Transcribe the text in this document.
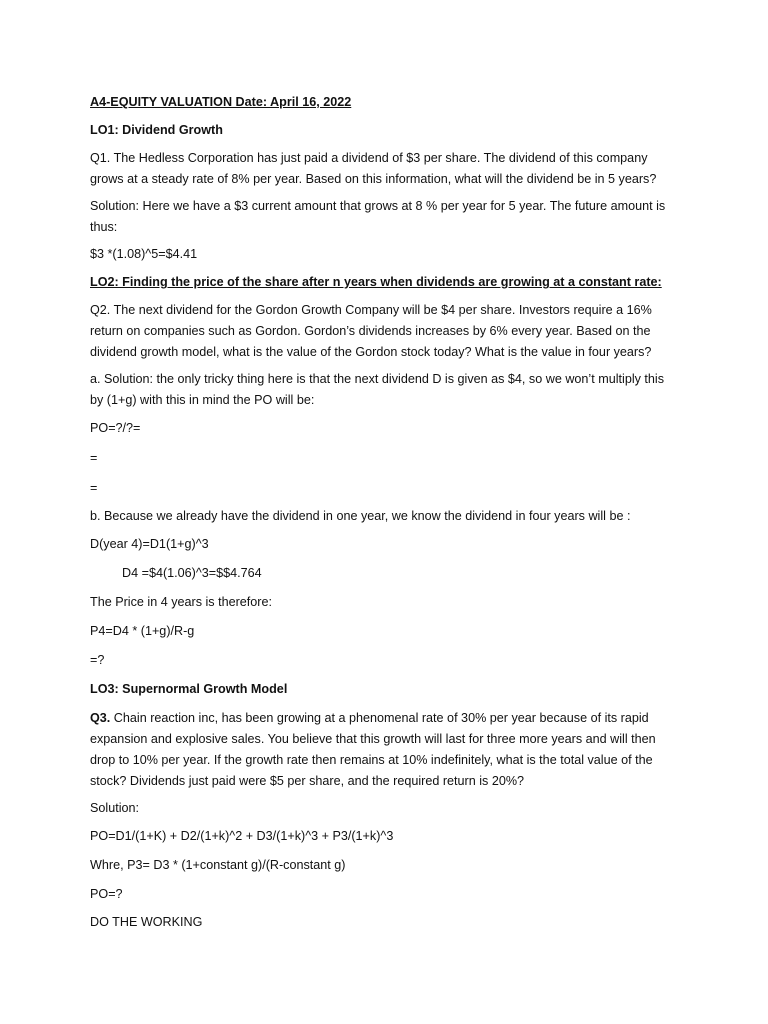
A4-EQUITY VALUATION Date: April 16, 2022
LO1: Dividend Growth
Q1. The Hedless Corporation has just paid a dividend of $3 per share. The dividend of this company
grows at a steady rate of 8% per year. Based on this information, what will the dividend be in 5 years?
Solution: Here we have a $3 current amount that grows at 8 % per year for 5 year. The future amount is
thus:
$3 *(1.08)^5=$4.41
LO2: Finding the price of the share after n years when dividends are growing at a constant rate:
Q2. The next dividend for the Gordon Growth Company will be $4 per share. Investors require a 16%
return on companies such as Gordon. Gordon’s dividends increases by 6% every year. Based on the
dividend growth model, what is the value of the Gordon stock today? What is the value in four years?
a. Solution: the only tricky thing here is that the next dividend D is given as $4, so we won’t multiply this
by (1+g) with this in mind the PO will be:
PO=?/?=
=
=
b. Because we already have the dividend in one year, we know the dividend in four years will be :
D(year 4)=D1(1+g)^3
D4 =$4(1.06)^3=$$4.764
The Price in 4 years is therefore:
P4=D4 * (1+g)/R-g
=?
LO3: Supernormal Growth Model
Q3. Chain reaction inc, has been growing at a phenomenal rate of 30% per year because of its rapid
expansion and explosive sales. You believe that this growth will last for three more years and will then
drop to 10% per year. If the growth rate then remains at 10% indefinitely, what is the total value of the
stock? Dividends just paid were $5 per share, and the required return is 20%?
Solution:
PO=D1/(1+K) + D2/(1+k)^2 + D3/(1+k)^3 + P3/(1+k)^3
Whre, P3= D3 * (1+constant g)/(R-constant g)
PO=?
DO THE WORKING
